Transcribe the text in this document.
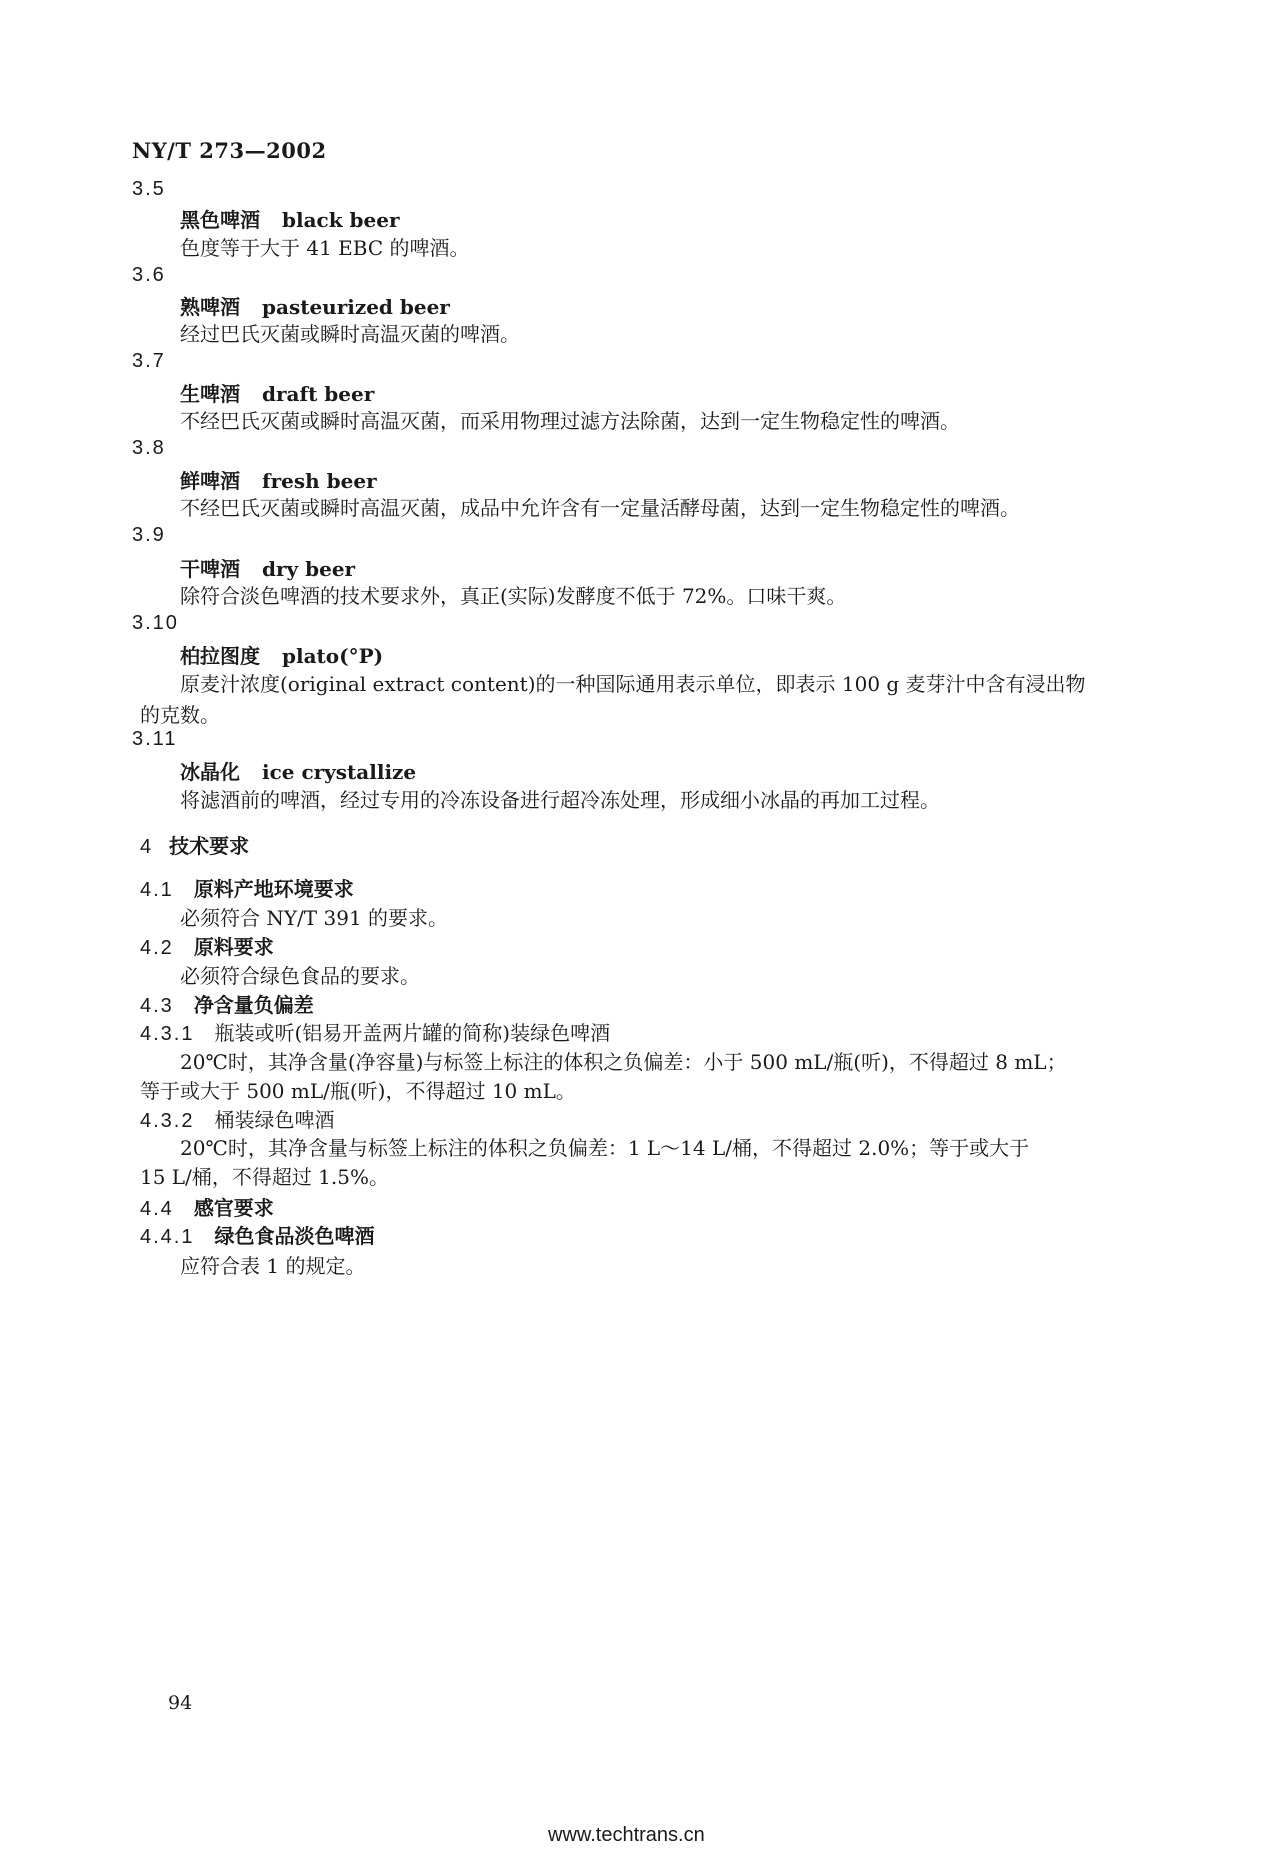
NY/T 273—2002
3.5
黑色啤酒 black beer
色度等于大于 41 EBC 的啤酒。
3.6
熟啤酒 pasteurized beer
经过巴氏灭菌或瞬时高温灭菌的啤酒。
3.7
生啤酒 draft beer
不经巴氏灭菌或瞬时高温灭菌，而采用物理过滤方法除菌，达到一定生物稳定性的啤酒。
3.8
鲜啤酒 fresh beer
不经巴氏灭菌或瞬时高温灭菌，成品中允许含有一定量活酵母菌，达到一定生物稳定性的啤酒。
3.9
干啤酒 dry beer
除符合淡色啤酒的技术要求外，真正(实际)发酵度不低于 72%。口味干爽。
3.10
柏拉图度 plato(°P)
原麦汁浓度(original extract content)的一种国际通用表示单位，即表示 100 g 麦芽汁中含有浸出物
的克数。
3.11
冰晶化 ice crystallize
将滤酒前的啤酒，经过专用的冷冻设备进行超冷冻处理，形成细小冰晶的再加工过程。
4 技术要求
4.1 原料产地环境要求
必须符合 NY/T 391 的要求。
4.2 原料要求
必须符合绿色食品的要求。
4.3 净含量负偏差
4.3.1 瓶装或听(铝易开盖两片罐的简称)装绿色啤酒
20℃时，其净含量(净容量)与标签上标注的体积之负偏差：小于 500 mL/瓶(听)，不得超过 8 mL；
等于或大于 500 mL/瓶(听)，不得超过 10 mL。
4.3.2 桶装绿色啤酒
20℃时，其净含量与标签上标注的体积之负偏差：1 L～14 L/桶，不得超过 2.0%；等于或大于
15 L/桶，不得超过 1.5%。
4.4 感官要求
4.4.1 绿色食品淡色啤酒
应符合表 1 的规定。
94
www.techtrans.cn
